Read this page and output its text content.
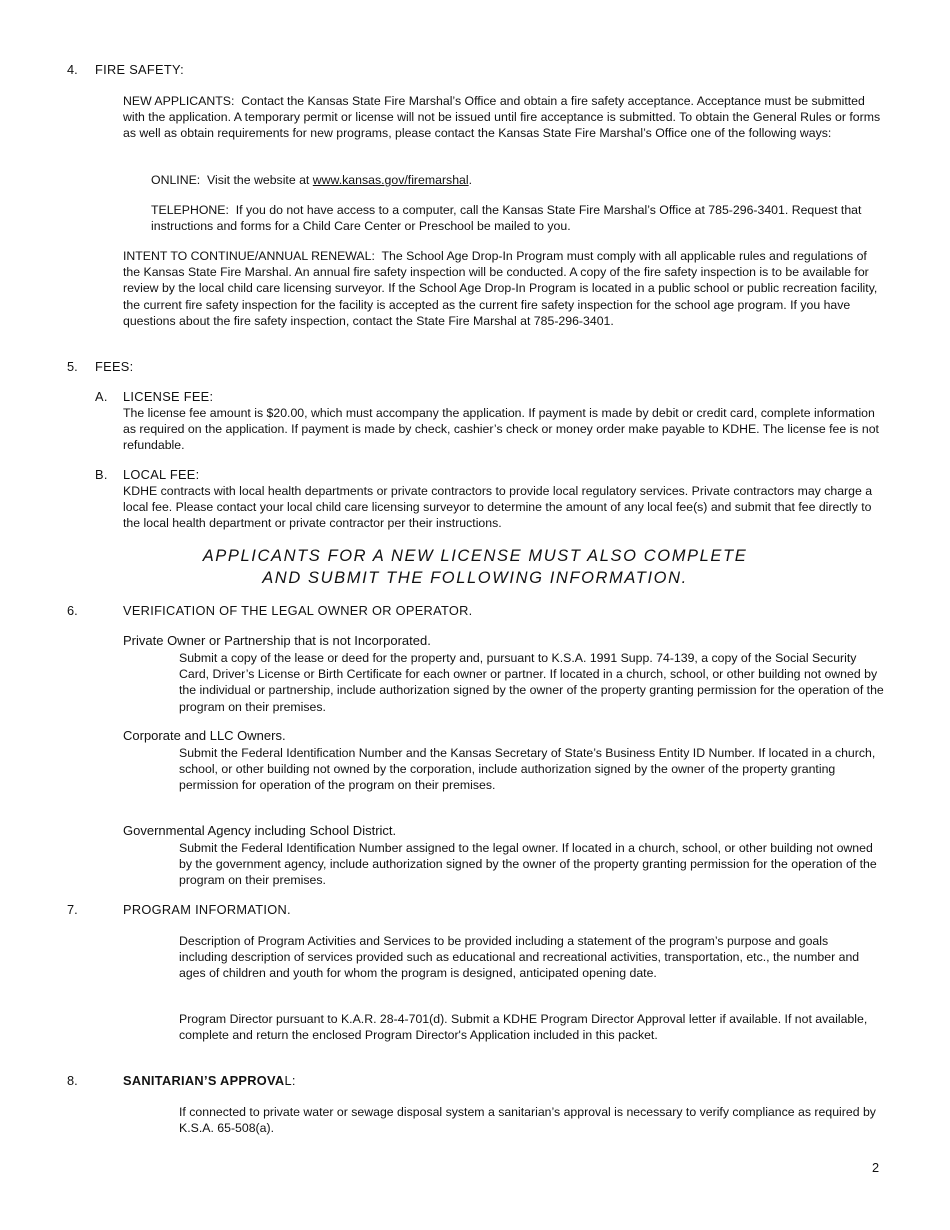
4. FIRE SAFETY:

NEW APPLICANTS: Contact the Kansas State Fire Marshal’s Office and obtain a fire safety acceptance. Acceptance must be submitted with the application. A temporary permit or license will not be issued until fire acceptance is submitted. To obtain the General Rules or forms as well as obtain requirements for new programs, please contact the Kansas State Fire Marshal’s Office one of the following ways:

ONLINE: Visit the website at www.kansas.gov/firemarshal.

TELEPHONE: If you do not have access to a computer, call the Kansas State Fire Marshal’s Office at 785-296-3401. Request that instructions and forms for a Child Care Center or Preschool be mailed to you.

INTENT TO CONTINUE/ANNUAL RENEWAL: The School Age Drop-In Program must comply with all applicable rules and regulations of the Kansas State Fire Marshal. An annual fire safety inspection will be conducted. A copy of the fire safety inspection is to be available for review by the local child care licensing surveyor. If the School Age Drop-In Program is located in a public school or public recreation facility, the current fire safety inspection for the facility is accepted as the current fire safety inspection for the school age program. If you have questions about the fire safety inspection, contact the State Fire Marshal at 785-296-3401.

5. FEES:
A. LICENSE FEE:

The license fee amount is $20.00, which must accompany the application. If payment is made by debit or credit card, complete information as required on the application. If payment is made by check, cashier’s check or money order make payable to KDHE. The license fee is not refundable.

B. LOCAL FEE:

KDHE contracts with local health departments or private contractors to provide local regulatory services. Private contractors may charge a local fee. Please contact your local child care licensing surveyor to determine the amount of any local fee(s) and submit that fee directly to the local health department or private contractor per their instructions.

APPLICANTS FOR A NEW LICENSE MUST ALSO COMPLETE
AND SUBMIT THE FOLLOWING INFORMATION.
6.	VERIFICATION OF THE LEGAL OWNER OR OPERATOR.
Private Owner or Partnership that is not Incorporated.

Submit a copy of the lease or deed for the property and, pursuant to K.S.A. 1991 Supp. 74-139, a copy of the Social Security Card, Driver’s License or Birth Certificate for each owner or partner. If located in a church, school, or other building not owned by the individual or partnership, include authorization signed by the owner of the property granting permission for the operation of the program on their premises.

Corporate and LLC Owners.

Submit the Federal Identification Number and the Kansas Secretary of State’s Business Entity ID Number. If located in a church, school, or other building not owned by the corporation, include authorization signed by the owner of the property granting permission for operation of the program on their premises.

Governmental Agency including School District.

Submit the Federal Identification Number assigned to the legal owner. If located in a church, school, or other building not owned by the government agency, include authorization signed by the owner of the property granting permission for the operation of the program on their premises.

7.	PROGRAM INFORMATION.

Description of Program Activities and Services to be provided including a statement of the program’s purpose and goals including description of services provided such as educational and recreational activities, transportation, etc., the number and ages of children and youth for whom the program is designed, anticipated opening date.

Program Director pursuant to K.A.R. 28-4-701(d). Submit a KDHE Program Director Approval letter if available. If not available, complete and return the enclosed Program Director's Application included in this packet.

8.	SANITARIAN’S APPROVAL:

If connected to private water or sewage disposal system a sanitarian’s approval is necessary to verify compliance as required by K.S.A. 65-508(a).

2
